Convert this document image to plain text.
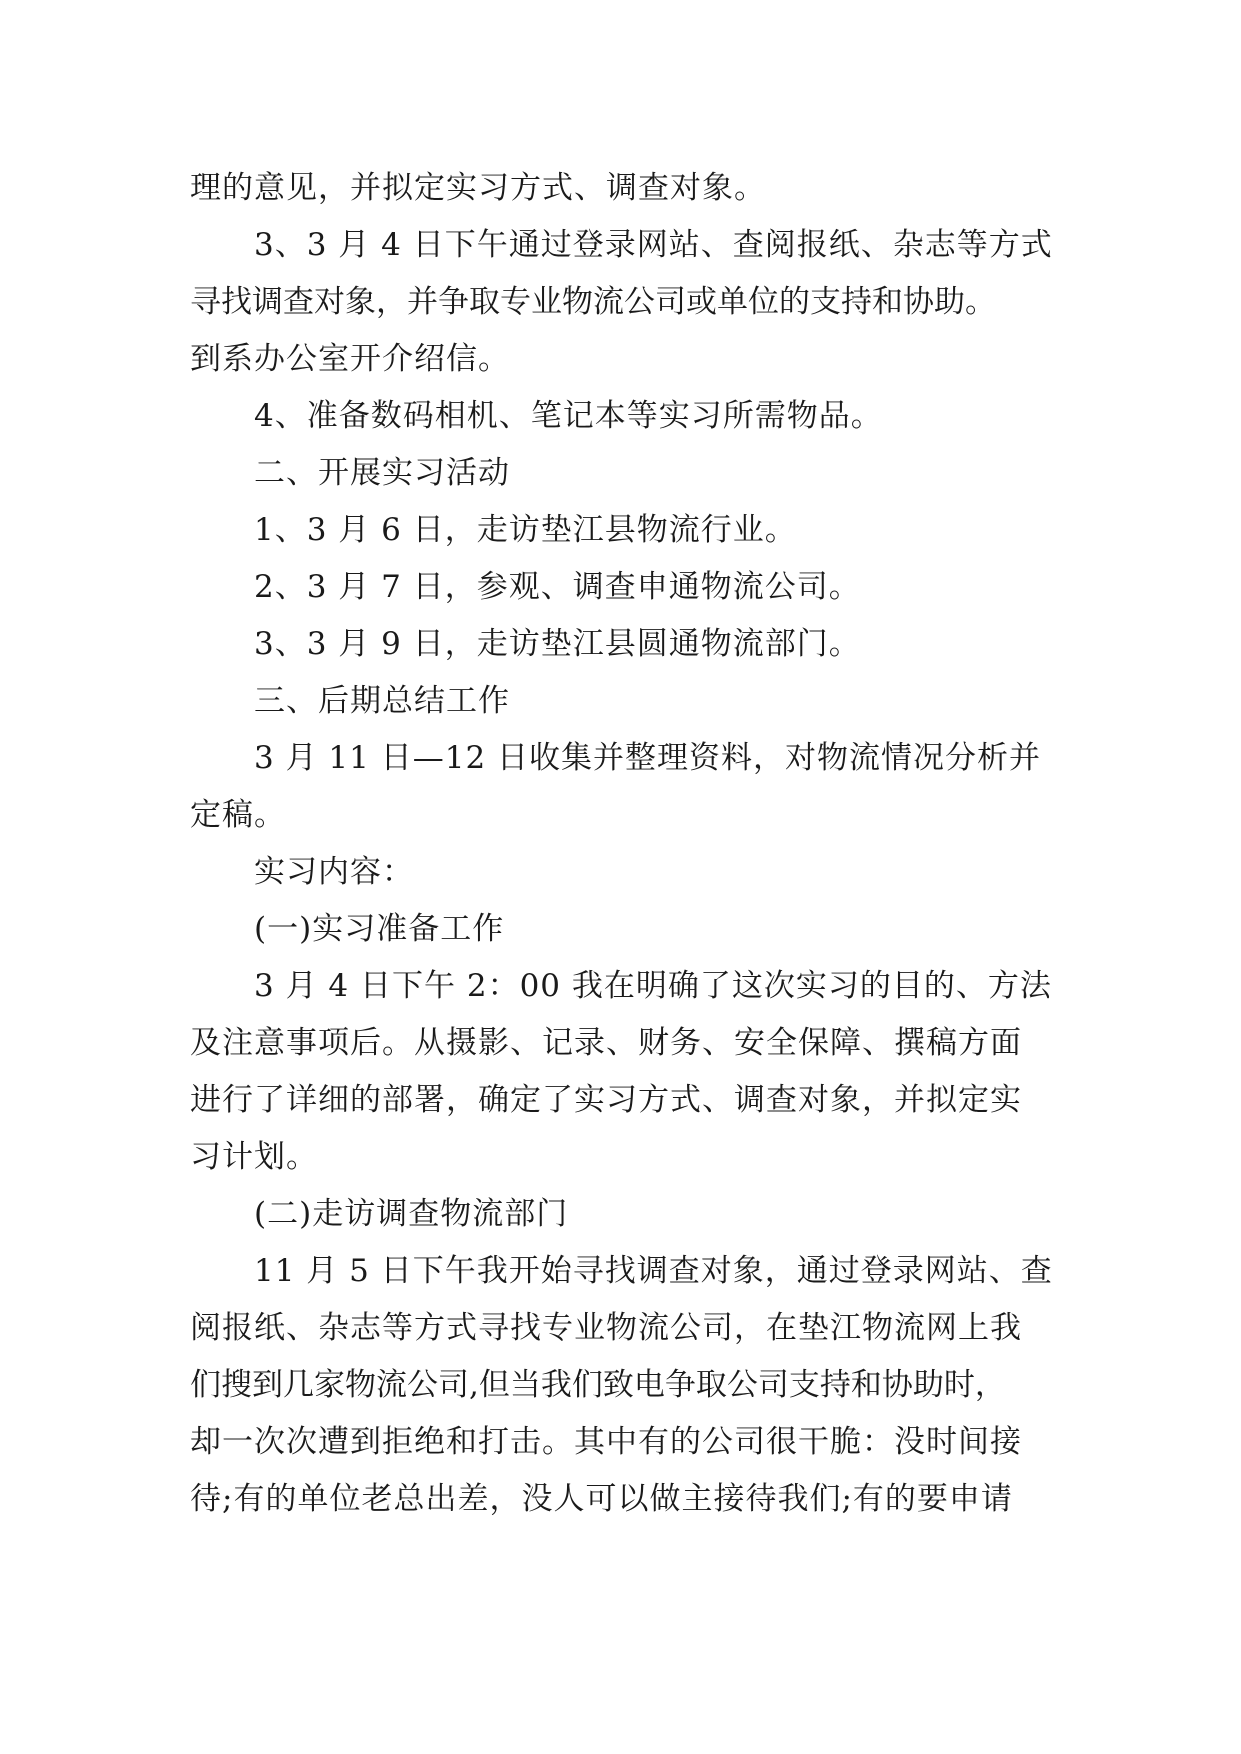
理的意见，并拟定实习方式、调查对象。
3、3 月 4 日下午通过登录网站、查阅报纸、杂志等方式
寻找调查对象，并争取专业物流公司或单位的支持和协助。
到系办公室开介绍信。
4、准备数码相机、笔记本等实习所需物品。
二、开展实习活动
1、3 月 6 日，走访垫江县物流行业。
2、3 月 7 日，参观、调查申通物流公司。
3、3 月 9 日，走访垫江县圆通物流部门。
三、后期总结工作
3 月 11 日—12 日收集并整理资料，对物流情况分析并
定稿。
实习内容：
(一)实习准备工作
3 月 4 日下午 2：00 我在明确了这次实习的目的、方法
及注意事项后。从摄影、记录、财务、安全保障、撰稿方面
进行了详细的部署，确定了实习方式、调查对象，并拟定实
习计划。
(二)走访调查物流部门
11 月 5 日下午我开始寻找调查对象，通过登录网站、查
阅报纸、杂志等方式寻找专业物流公司，在垫江物流网上我
们搜到几家物流公司,但当我们致电争取公司支持和协助时，
却一次次遭到拒绝和打击。其中有的公司很干脆：没时间接
待;有的单位老总出差，没人可以做主接待我们;有的要申请
